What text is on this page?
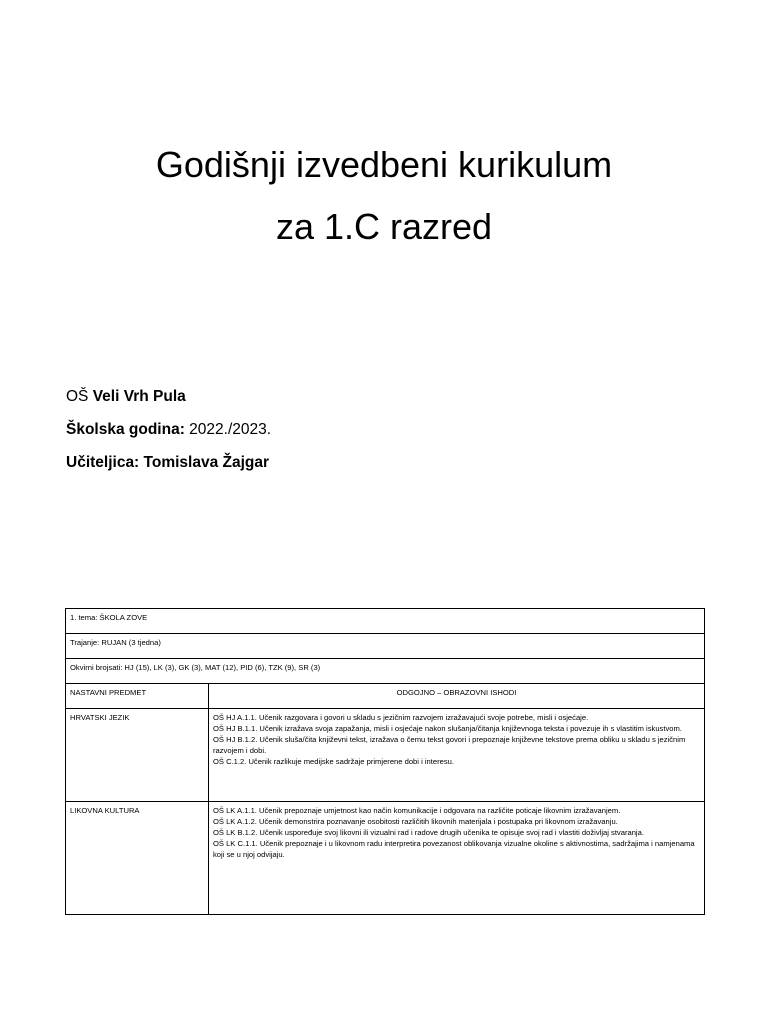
Godišnji izvedbeni kurikulum
za 1.C razred
OŠ Veli Vrh Pula
Školska godina: 2022./2023.
Učiteljica: Tomislava Žajgar
1. tema: ŠKOLA ZOVE	
Trajanje: RUJAN (3 tjedna)	
Okvirni brojsati: HJ (15), LK (3), GK (3), MAT (12), PID (6), TZK (9), SR (3)	
NASTAVNI PREDMET	ODGOJNO – OBRAZOVNI ISHODI
HRVATSKI JEZIK	OŠ HJ A.1.1. Učenik razgovara i govori u skladu s jezičnim razvojem izražavajući svoje potrebe, misli i osjećaje.
OŠ HJ B.1.1. Učenik izražava svoja zapažanja, misli i osjećaje nakon slušanja/čitanja književnoga teksta i povezuje ih s vlastitim iskustvom.
OŠ HJ B.1.2. Učenik sluša/čita književni tekst, izražava o čemu tekst govori i prepoznaje književne tekstove prema obliku u skladu s jezičnim razvojem i dobi.
OŠ C.1.2. Učenik razlikuje medijske sadržaje primjerene dobi i interesu.

LIKOVNA KULTURA	OŠ LK A.1.1. Učenik prepoznaje umjetnost kao način komunikacije i odgovara na različite poticaje likovnim izražavanjem.
OŠ LK A.1.2. Učenik demonstrira poznavanje osobitosti različitih likovnih materijala i postupaka pri likovnom izražavanju.
OŠ LK B.1.2. Učenik uspoređuje svoj likovni ili vizualni rad i radove drugih učenika te opisuje svoj rad i vlastiti doživljaj stvaranja.
OŠ LK C.1.1. Učenik prepoznaje i u likovnom radu interpretira povezanost oblikovanja vizualne okoline s aktivnostima, sadržajima i namjenama koji se u njoj odvijaju.
